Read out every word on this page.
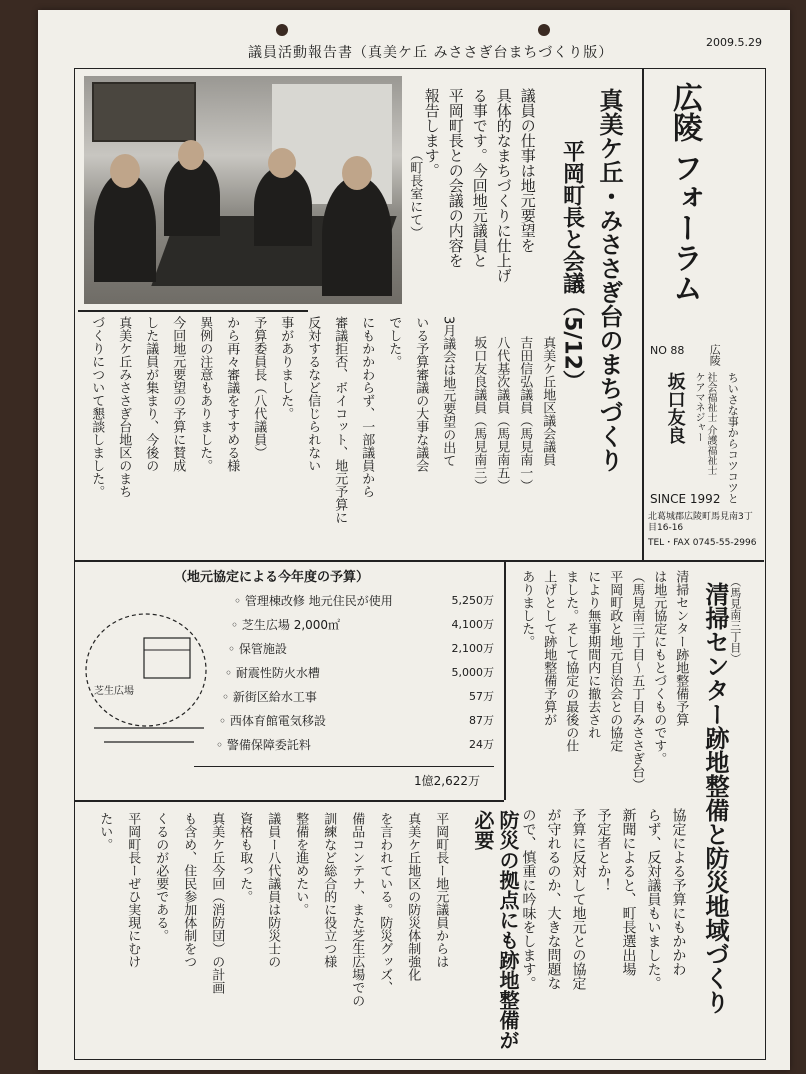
議員活動報告書（真美ケ丘 みささぎ台まちづくり版）
2009.5.29
（町長室にて）	広陵 フォーラム
広陵
NO 88
ちいさな事からコツコツと
社会福祉士 介護福祉士 ケアマネジャー
坂口友良
SINCE 1992
北葛城郡広陵町馬見南3丁目16-16
TEL・FAX 0745-55-2996
真美ケ丘・みささぎ台のまちづくり
平岡町長と会議（5/12）
議員の仕事は地元要望を
具体的なまちづくりに仕上げ
る事です。今回地元議員と
平岡町長との会議の内容を
報告します。
真美ケ丘地区議会議員
吉田信弘議員（馬見南一）
八代基次議員（馬見南五）
坂口友良議員（馬見南三）
3月議会は地元要望の出て
いる予算審議の大事な議会
でした。
にもかかわらず、一部議員から
審議拒否、ボイコット、地元予算に
反対するなど信じられない
事がありました。
予算委員長（八代議員）
から再々審議をすすめる様
異例の注意もありました。
今回地元要望の予算に賛成
した議員が集まり、今後の
真美ケ丘みささぎ台地区のまち
づくりについて懇談しました。
（地元協定による今年度の予算）
◦ 管理棟改修 地元住民が使用	5,250万
◦ 芝生広場 2,000㎡	4,100万
◦ 保管施設	2,100万
◦ 耐震性防火水槽	5,000万
◦ 新街区給水工事	57万
◦ 西体育館電気移設	87万
◦ 警備保障委託料	24万
1億2,622万
芝生広場
（馬見南三丁目）
清掃センター跡地整備と防災地域づくり
清掃センター跡地整備予算
は地元協定にもとづくものです。
（馬見南三丁目〜五丁目みささぎ台）
平岡町政と地元自治会との協定
により無事期間内に撤去され
ました。そして協定の最後の仕
上げとして跡地整備予算が
ありました。
協定による予算にもかかわ
らず、反対議員もいました。
新聞によると、町長選出場
予定者とか！
予算に反対して地元との協定
が守れるのか、大きな問題な
ので、慎重に吟味をします。
防災の拠点にも跡地整備が必要
平岡町長ー地元議員からは
真美ケ丘地区の防災体制強化
を言われている。防災グッズ、
備品コンテナ、また芝生広場での
訓練など総合的に役立つ様
整備を進めたい。
議員ー八代議員は防災士の
資格も取った。
真美ケ丘今回（消防団）の計画
も含め、住民参加体制をつ
くるのが必要である。
平岡町長ーぜひ実現にむけ
たい。
